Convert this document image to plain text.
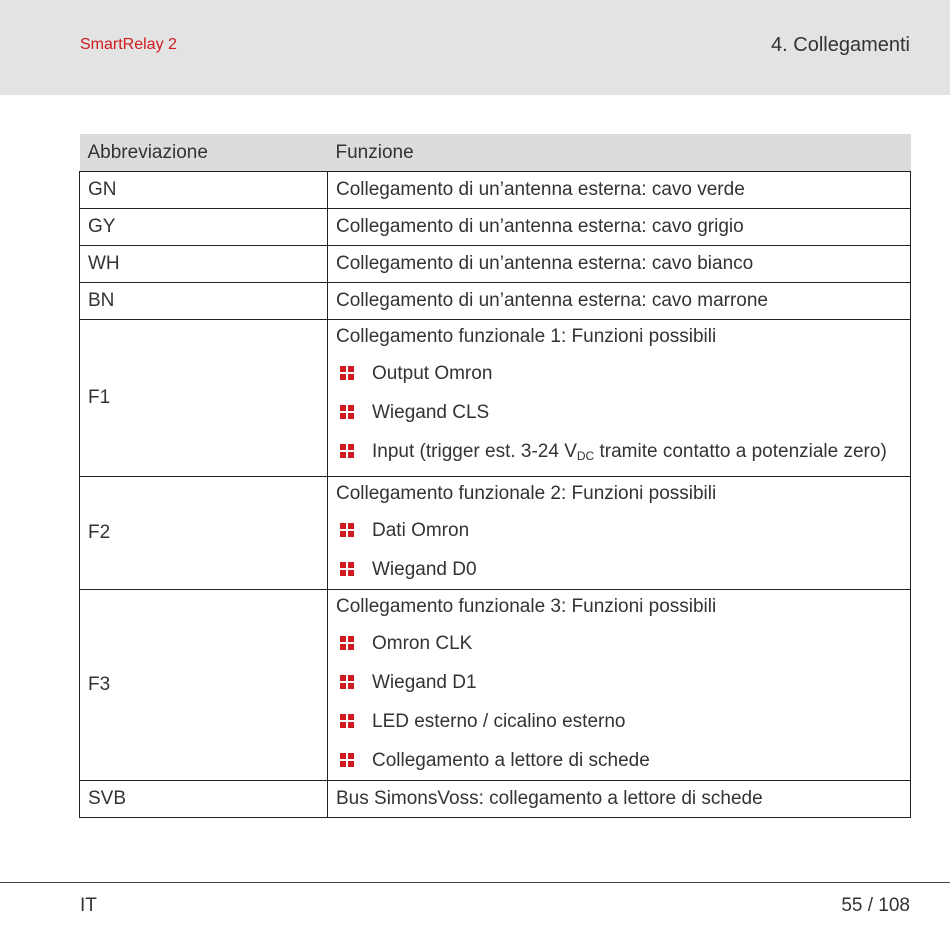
SmartRelay 2	4. Collegamenti
Abbreviazione	Funzione
GN	Collegamento di un’antenna esterna: cavo verde
GY	Collegamento di un’antenna esterna: cavo grigio
WH	Collegamento di un’antenna esterna: cavo bianco
BN	Collegamento di un’antenna esterna: cavo marrone
F1	Collegamento funzionale 1: Funzioni possibili
Output Omron
Wiegand CLS
Input (trigger est. 3-24 $V_{DC}$ tramite contatto a potenziale zero)

F2	Collegamento funzionale 2: Funzioni possibili
Dati Omron
Wiegand D0

F3	Collegamento funzionale 3: Funzioni possibili
Omron CLK
Wiegand D1
LED esterno / cicalino esterno
Collegamento a lettore di schede

SVB	Bus SimonsVoss: collegamento a lettore di schede
IT	55 / 108
